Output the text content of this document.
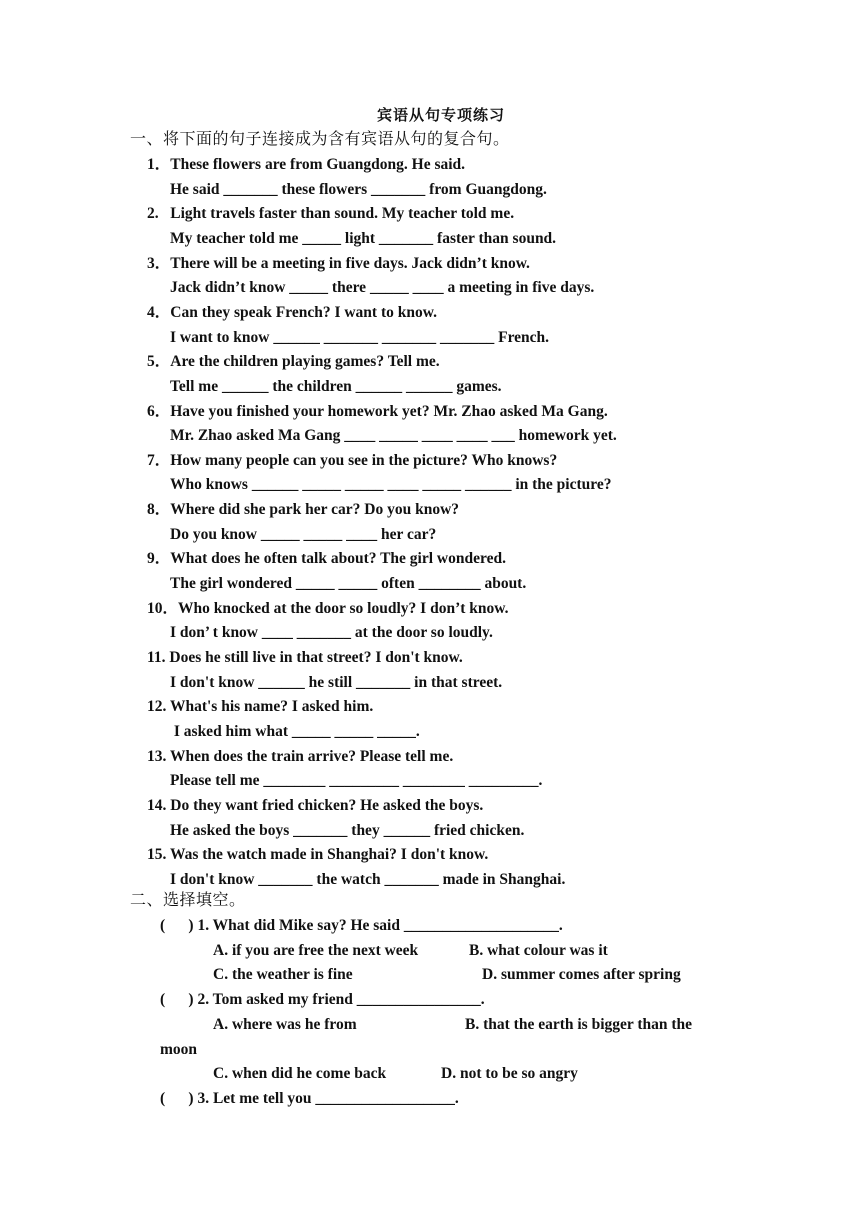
宾语从句专项练习
一、将下面的句子连接成为含有宾语从句的复合句。
1．These flowers are from Guangdong. He said.
He said _______ these flowers _______ from Guangdong.
2.   Light travels faster than sound. My teacher told me.
My teacher told me _____ light _______ faster than sound.
3．There will be a meeting in five days. Jack didn’t know.
Jack didn’t know _____ there _____ ____ a meeting in five days.
4．Can they speak French? I want to know.
I want to know ______ _______ _______ _______ French.
5．Are the children playing games? Tell me.
Tell me ______ the children ______ ______ games.
6．Have you finished your homework yet? Mr. Zhao asked Ma Gang.
Mr. Zhao asked Ma Gang ____ _____ ____ ____ ___ homework yet.
7．How many people can you see in the picture? Who knows?
Who knows ______ _____ _____ ____ _____ ______ in the picture?
8．Where did she park her car? Do you know?
Do you know _____ _____ ____ her car?
9．What does he often talk about? The girl wondered.
The girl wondered _____ _____ often ________ about.
10．Who knocked at the door so loudly? I don’t know.
I don’ t know ____ _______ at the door so loudly.
11. Does he still live in that street? I don't know.
I don't know ______ he still _______ in that street.
12. What's his name? I asked him.
I asked him what _____ _____ _____.
13. When does the train arrive? Please tell me.
Please tell me ________ _________ ________ _________.
14. Do they want fried chicken? He asked the boys.
He asked the boys _______ they ______ fried chicken.
15. Was the watch made in Shanghai? I don't know.
I don't know _______ the watch _______ made in Shanghai.
二、选择填空。
(      ) 1. What did Mike say? He said ____________________.
A. if you are free the next week	B. what colour was it
C. the weather is fine	D. summer comes after spring
(      ) 2. Tom asked my friend ________________.
A. where was he from	B. that the earth is bigger than the
moon
C. when did he come back	D. not to be so angry
(      ) 3. Let me tell you __________________.
